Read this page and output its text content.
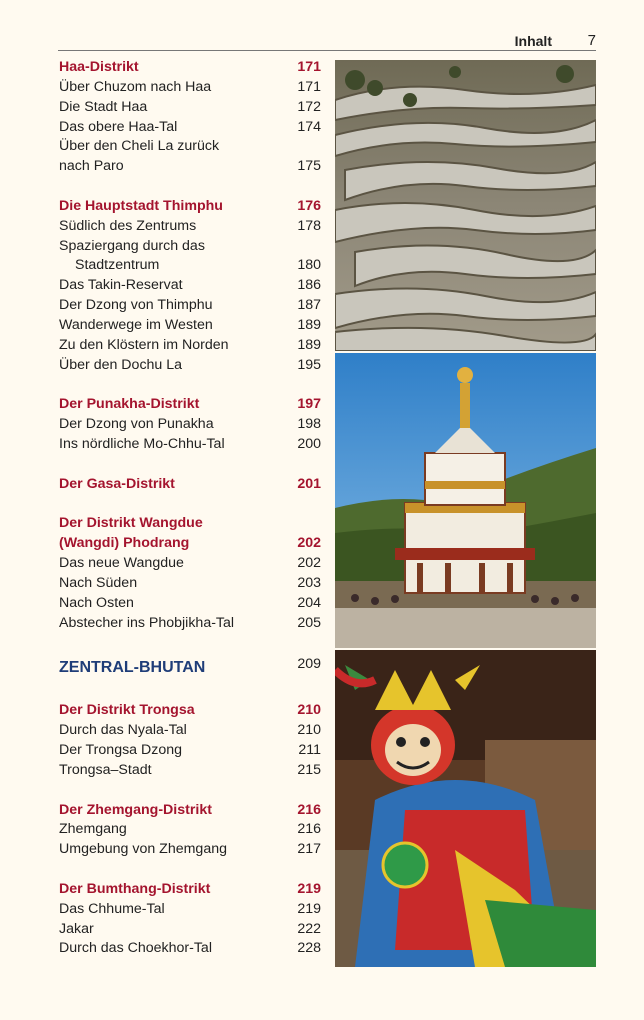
Inhalt 7
Haa-Distrikt	171
Über Chuzom nach Haa	171
Die Stadt Haa	172
Das obere Haa-Tal	174
Über den Cheli La zurück
nach Paro	175
Die Hauptstadt Thimphu	176
Südlich des Zentrums	178
Spaziergang durch das
Stadtzentrum	180
Das Takin-Reservat	186
Der Dzong von Thimphu	187
Wanderwege im Westen	189
Zu den Klöstern im Norden	189
Über den Dochu La	195
Der Punakha-Distrikt	197
Der Dzong von Punakha	198
Ins nördliche Mo-Chhu-Tal	200
Der Gasa-Distrikt	201
Der Distrikt Wangdue
(Wangdi) Phodrang	202
Das neue Wangdue	202
Nach Süden	203
Nach Osten	204
Abstecher ins Phobjikha-Tal	205
ZENTRAL-BHUTAN	209
Der Distrikt Trongsa	210
Durch das Nyala-Tal	210
Der Trongsa Dzong	211
Trongsa–Stadt	215
Der Zhemgang-Distrikt	216
Zhemgang	216
Umgebung von Zhemgang	217
Der Bumthang-Distrikt	219
Das Chhume-Tal	219
Jakar	222
Durch das Choekhor-Tal	228
